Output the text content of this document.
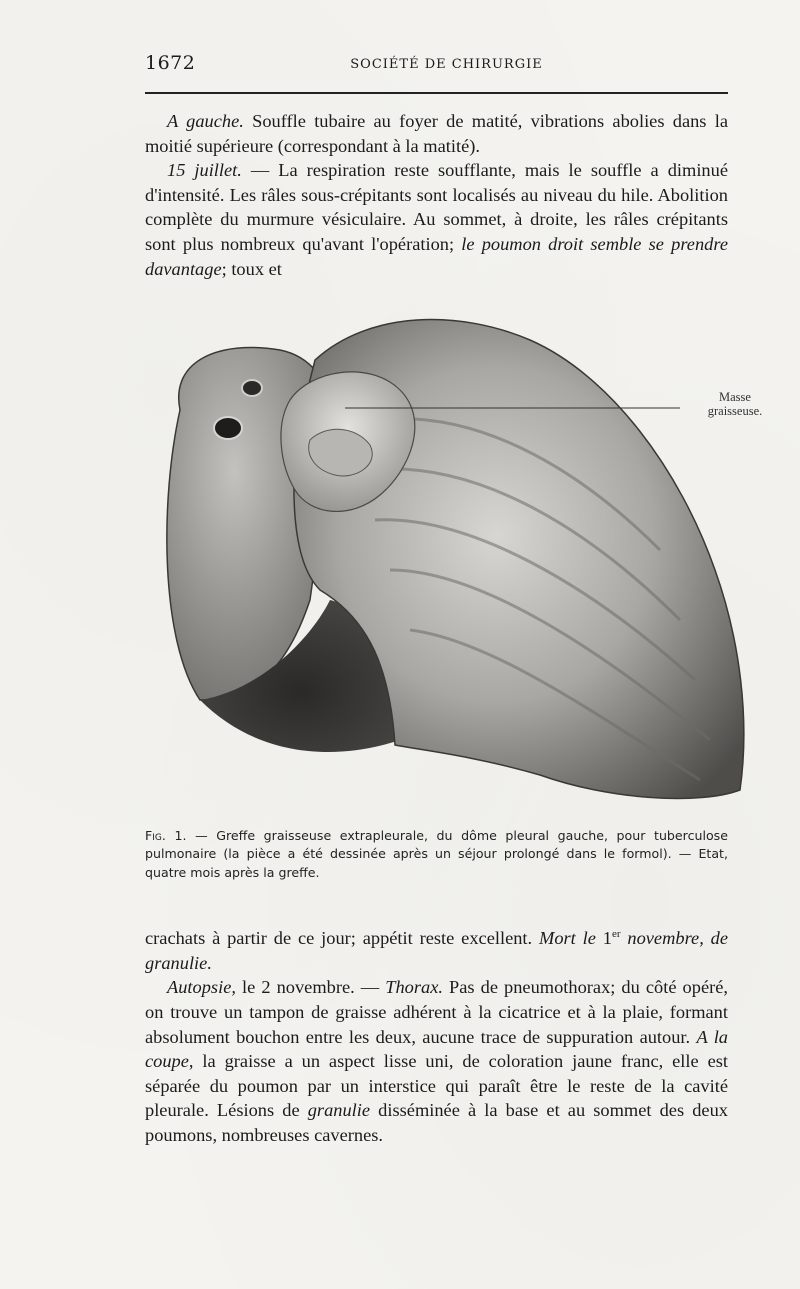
1672	SOCIÉTÉ DE CHIRURGIE

A gauche. Souffle tubaire au foyer de matité, vibrations abolies dans la moitié supérieure (correspondant à la matité).

15 juillet. — La respiration reste soufflante, mais le souffle a diminué d'intensité. Les râles sous-crépitants sont localisés au niveau du hile. Abolition complète du murmure vésiculaire. Au sommet, à droite, les râles crépitants sont plus nombreux qu'avant l'opération; le poumon droit semble se prendre davantage; toux et

Masse
graisseuse.
Fig. 1. — Greffe graisseuse extrapleurale, du dôme pleural gauche, pour tuberculose pulmonaire (la pièce a été dessinée après un séjour prolongé dans le formol). — Etat, quatre mois après la greffe.

crachats à partir de ce jour; appétit reste excellent. Mort le 1er novembre, de granulie.

Autopsie, le 2 novembre. — Thorax. Pas de pneumothorax; du côté opéré, on trouve un tampon de graisse adhérent à la cicatrice et à la plaie, formant absolument bouchon entre les deux, aucune trace de suppuration autour. A la coupe, la graisse a un aspect lisse uni, de coloration jaune franc, elle est séparée du poumon par un interstice qui paraît être le reste de la cavité pleurale. Lésions de granulie disséminée à la base et au sommet des deux poumons, nombreuses cavernes.
